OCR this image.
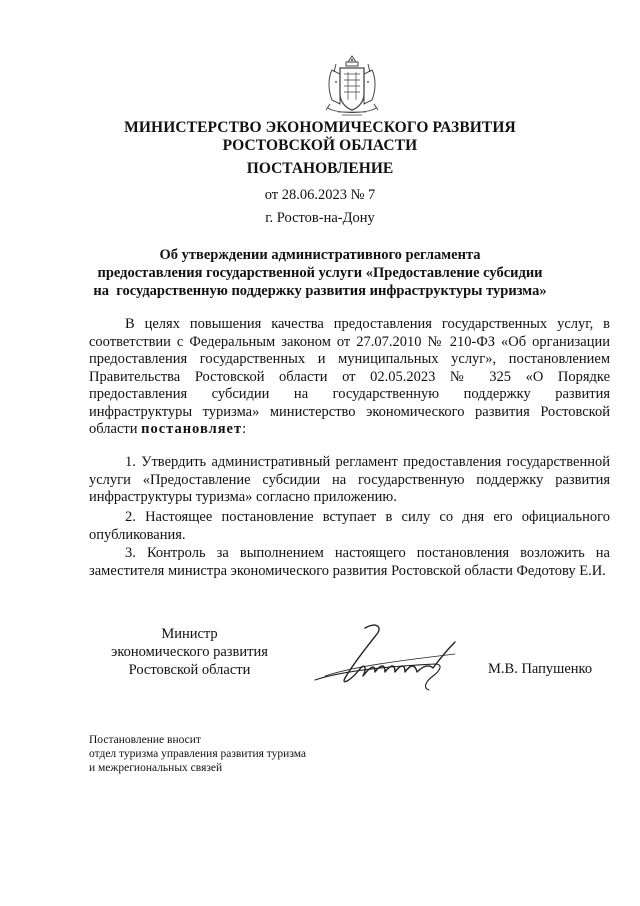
МИНИСТЕРСТВО ЭКОНОМИЧЕСКОГО РАЗВИТИЯ
РОСТОВСКОЙ ОБЛАСТИ
ПОСТАНОВЛЕНИЕ
от 28.06.2023 № 7
г. Ростов-на-Дону
Об утверждении административного регламента
предоставления государственной услуги «Предоставление субсидии
на  государственную поддержку развития инфраструктуры туризма»

В целях повышения качества предоставления государственных услуг, в соответствии с Федеральным законом от 27.07.2010 № 210-ФЗ «Об организации предоставления государственных и муниципальных услуг», постановлением Правительства Ростовской области от 02.05.2023 № 325 «О Порядке предоставления субсидии на государственную поддержку развития инфраструктуры туризма» министерство экономического развития Ростовской области постановляет:

1. Утвердить административный регламент предоставления государственной услуги «Предоставление субсидии на государственную поддержку развития инфраструктуры туризма» согласно приложению.

2. Настоящее постановление вступает в силу со дня его официального опубликования.

3. Контроль за выполнением настоящего постановления возложить на заместителя министра экономического развития Ростовской области Федотову Е.И.

Министр
экономического развития
Ростовской области	М.В. Папушенко
Постановление вносит
отдел туризма управления развития туризма
и межрегиональных связей
